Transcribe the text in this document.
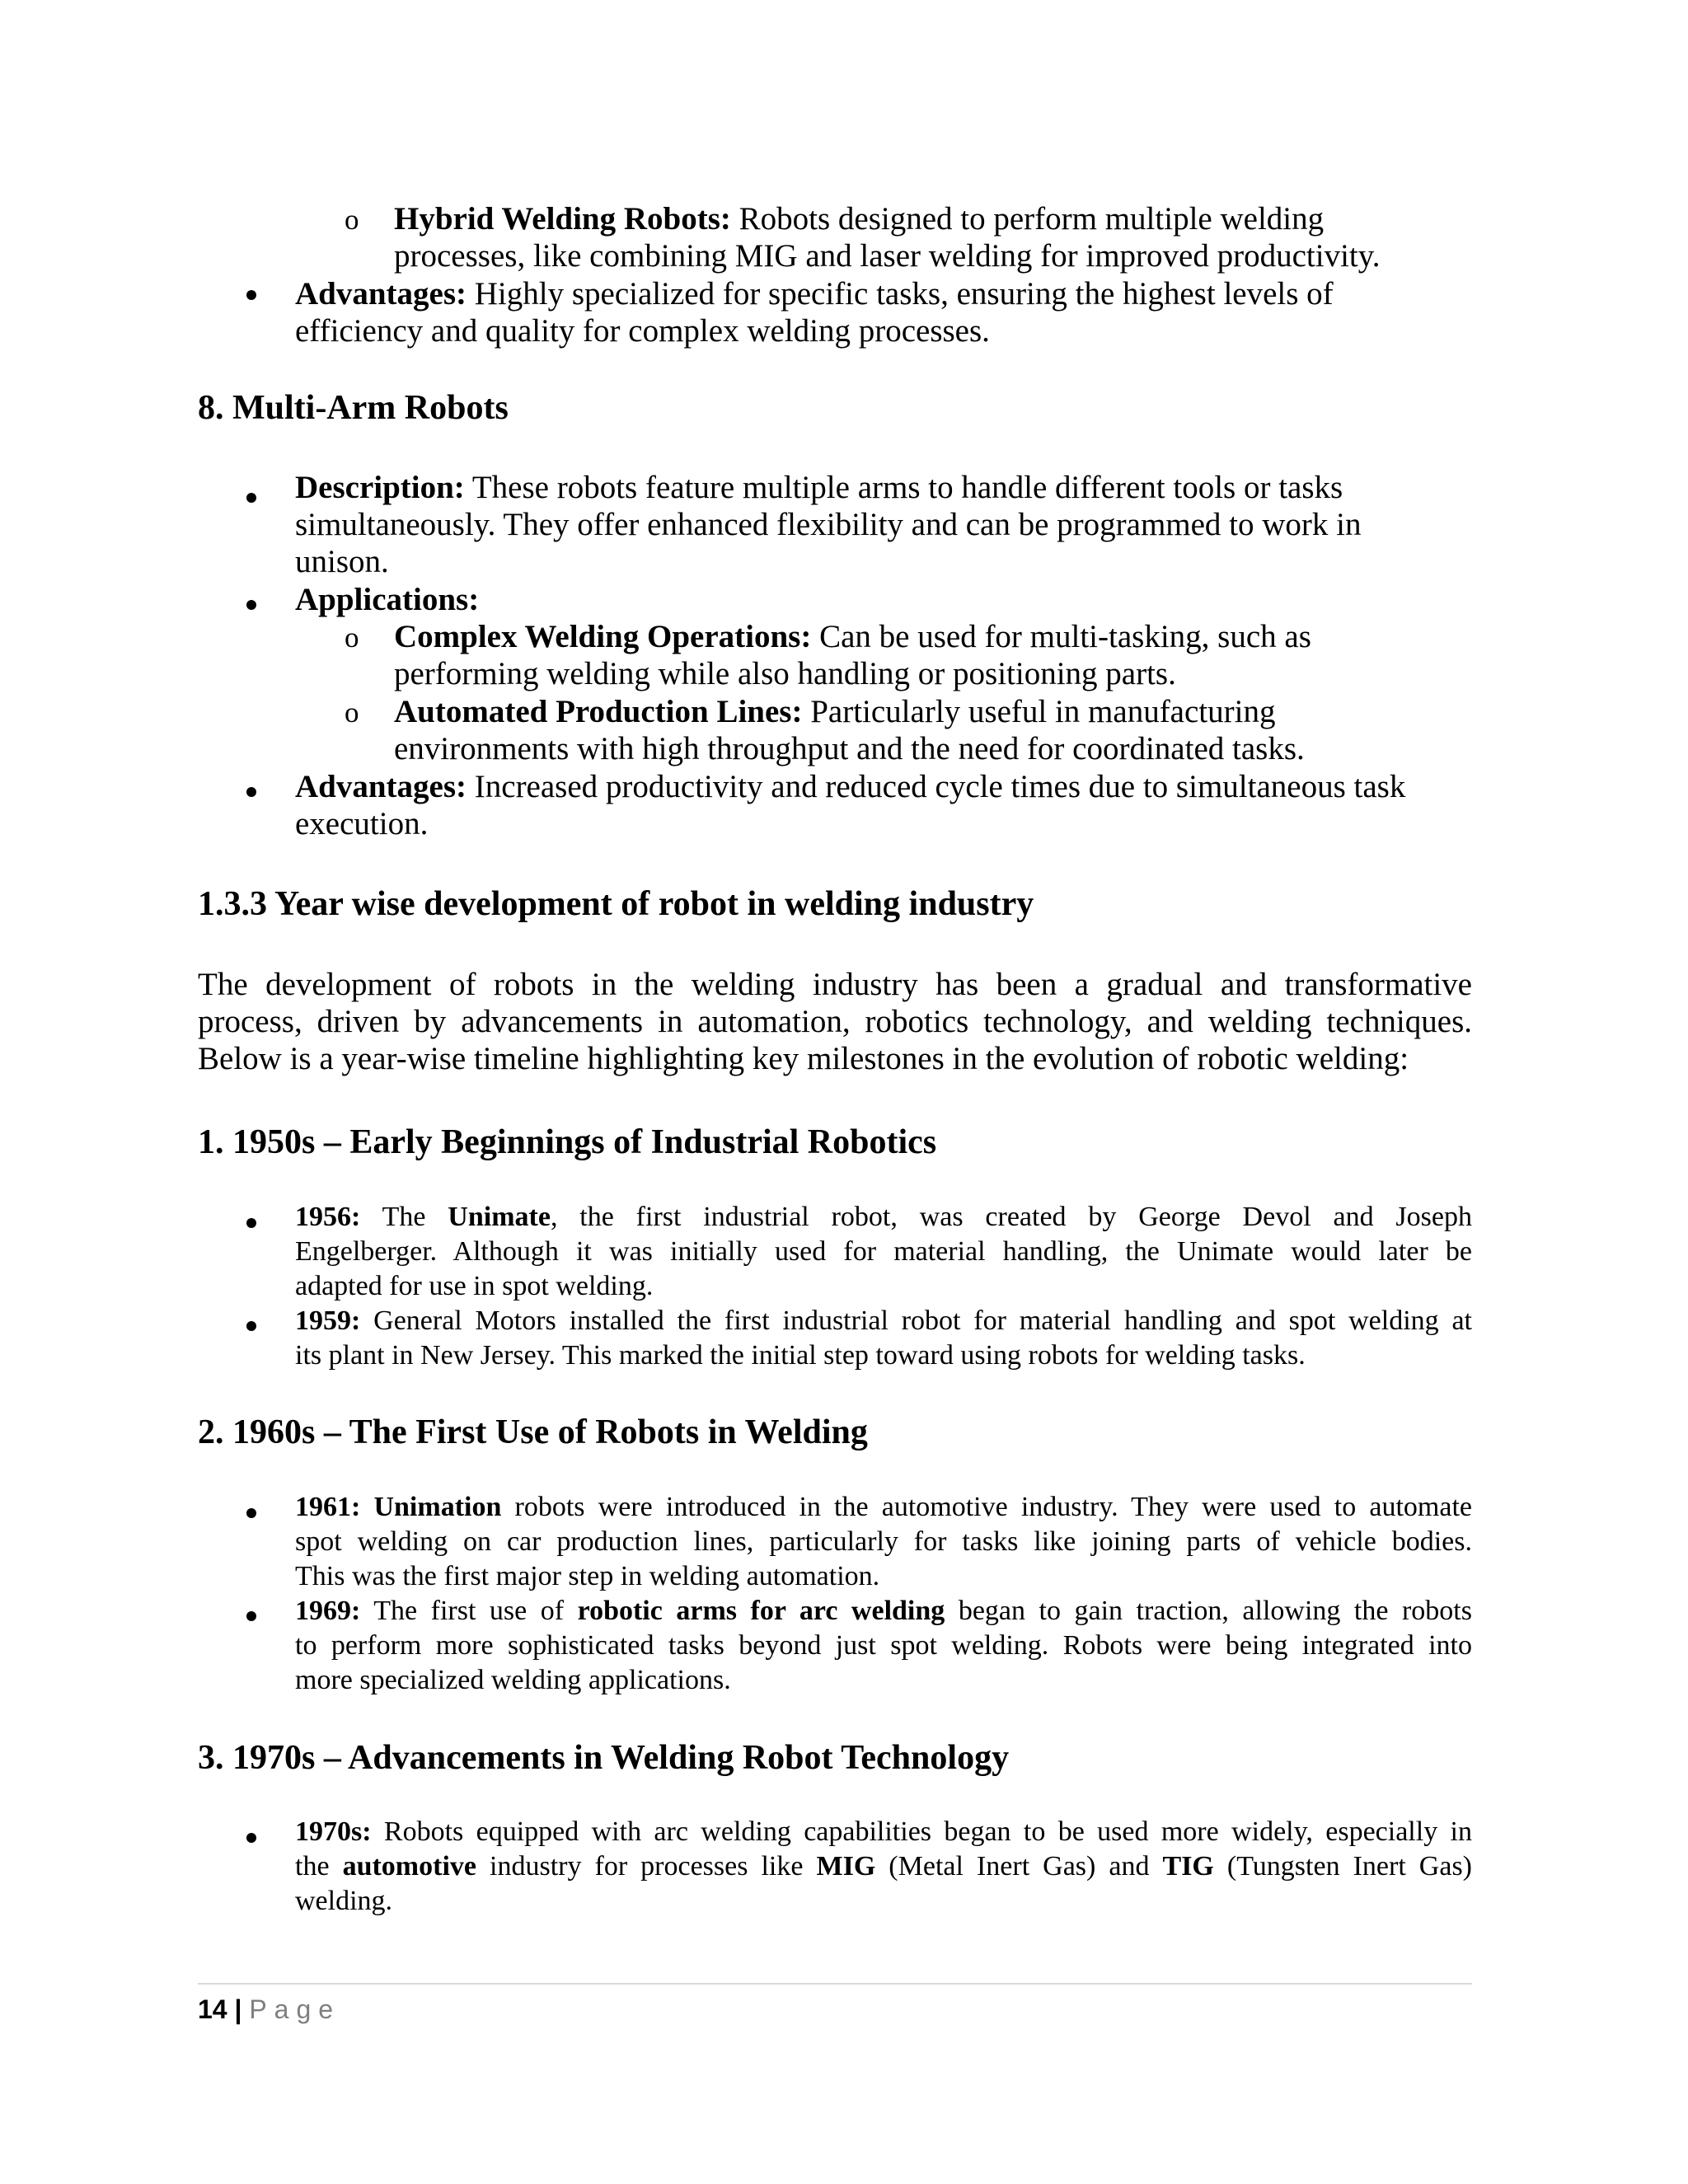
o Hybrid Welding Robots: Robots designed to perform multiple welding
processes, like combining MIG and laser welding for improved productivity.
Advantages: Highly specialized for specific tasks, ensuring the highest levels of
efficiency and quality for complex welding processes.
8. Multi-Arm Robots
Description: These robots feature multiple arms to handle different tools or tasks
simultaneously. They offer enhanced flexibility and can be programmed to work in
unison.
Applications:
o Complex Welding Operations: Can be used for multi-tasking, such as
performing welding while also handling or positioning parts.
o Automated Production Lines: Particularly useful in manufacturing
environments with high throughput and the need for coordinated tasks.
Advantages: Increased productivity and reduced cycle times due to simultaneous task
execution.
1.3.3 Year wise development of robot in welding industry
The development of robots in the welding industry has been a gradual and transformative
process, driven by advancements in automation, robotics technology, and welding techniques.
Below is a year-wise timeline highlighting key milestones in the evolution of robotic welding:
1. 1950s – Early Beginnings of Industrial Robotics
1956: The Unimate, the first industrial robot, was created by George Devol and Joseph
Engelberger. Although it was initially used for material handling, the Unimate would later be
adapted for use in spot welding.
1959: General Motors installed the first industrial robot for material handling and spot welding at
its plant in New Jersey. This marked the initial step toward using robots for welding tasks.
2. 1960s – The First Use of Robots in Welding
1961: Unimation robots were introduced in the automotive industry. They were used to automate
spot welding on car production lines, particularly for tasks like joining parts of vehicle bodies.
This was the first major step in welding automation.
1969: The first use of robotic arms for arc welding began to gain traction, allowing the robots
to perform more sophisticated tasks beyond just spot welding. Robots were being integrated into
more specialized welding applications.
3. 1970s – Advancements in Welding Robot Technology
1970s: Robots equipped with arc welding capabilities began to be used more widely, especially in
the automotive industry for processes like MIG (Metal Inert Gas) and TIG (Tungsten Inert Gas)
welding.
14 | Page
